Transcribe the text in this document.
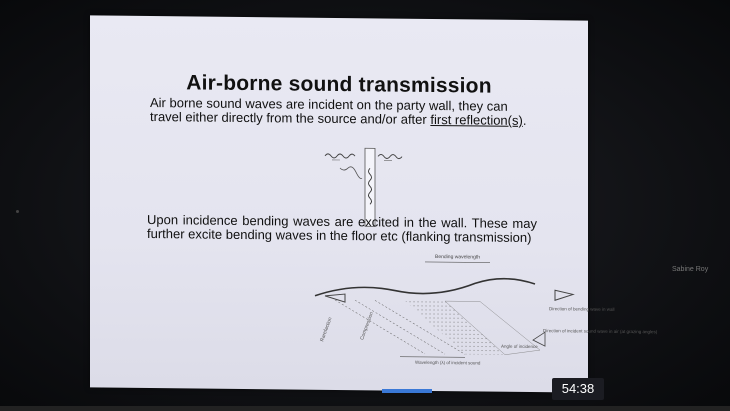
Air-borne sound transmission
Air borne sound waves are incident on the party wall, they can travel either directly from the source and/or after first reflection(s).
Upon incidence bending waves are excited in the wall. These may further excite bending waves in the floor etc (flanking transmission)
Bending wavelength
Rarefaction	Compression
Direction of bending wave in wall
Direction of incident sound wave in air (at grazing angles)
Angle of incidence
Wavelength (λ) of incident sound
Sabine Roy
54:38
